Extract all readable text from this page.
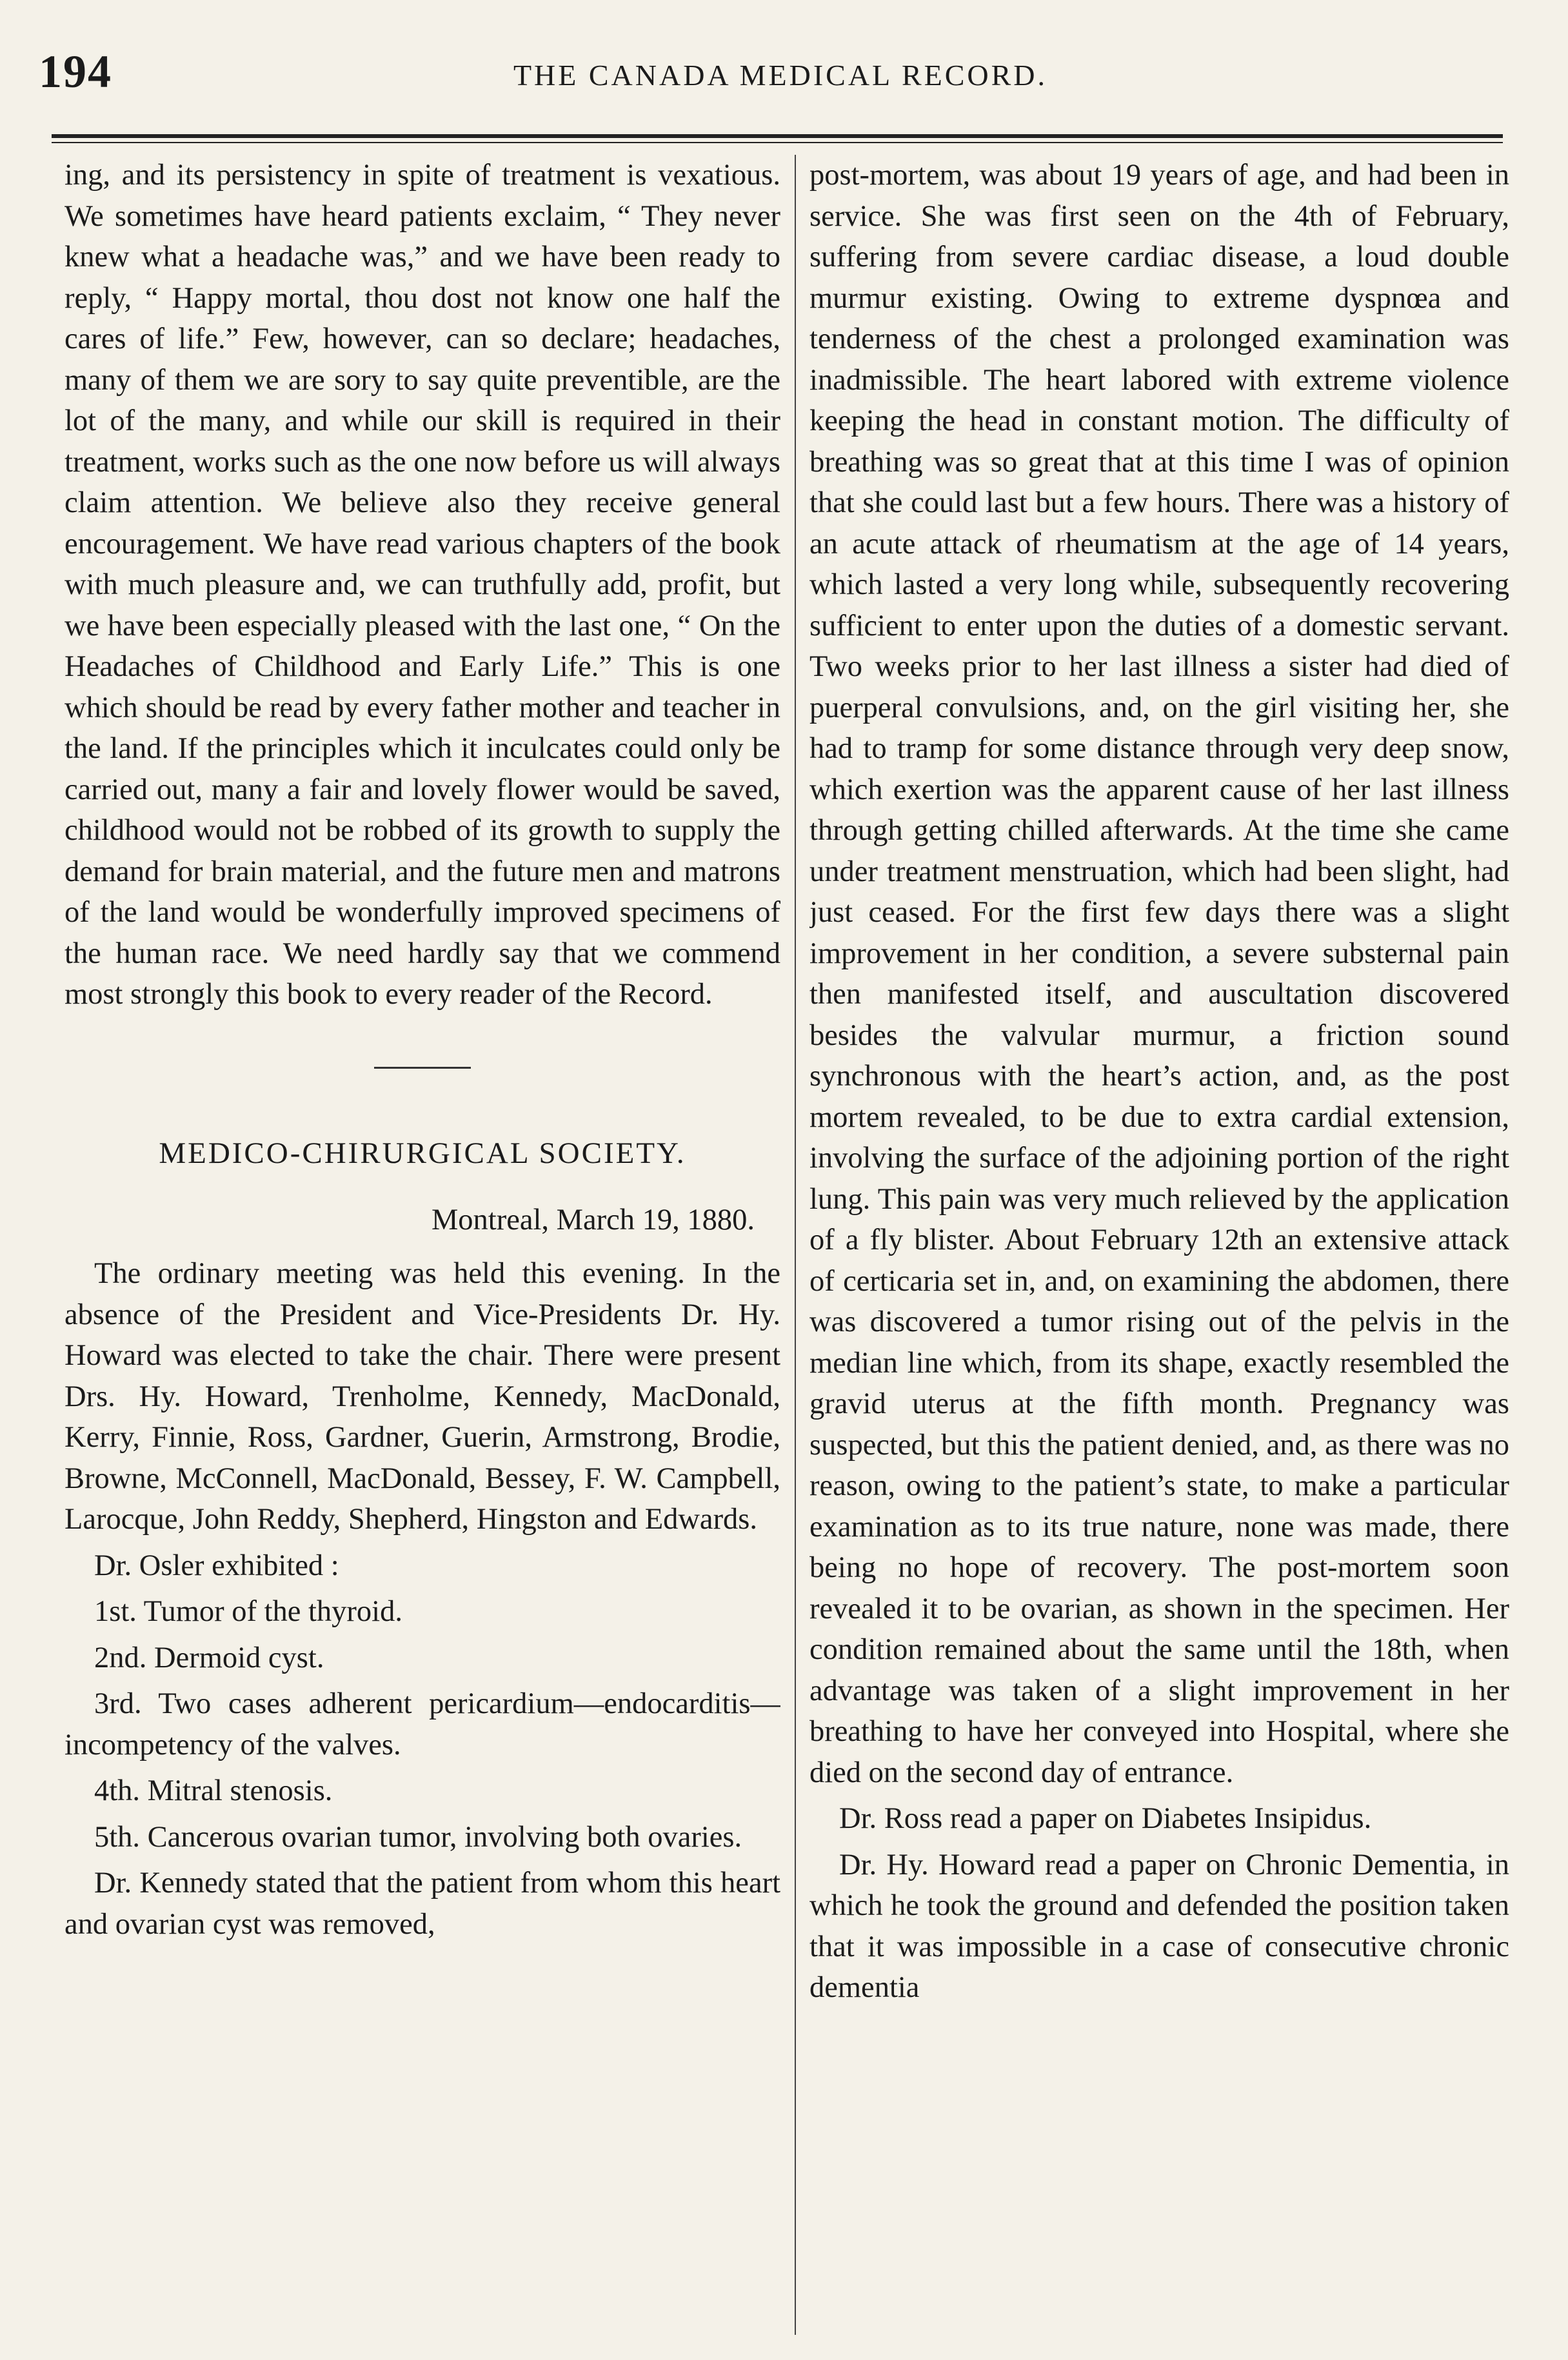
194	THE CANADA MEDICAL RECORD.

ing, and its persistency in spite of treatment is vexatious. We sometimes have heard patients exclaim, “ They never knew what a headache was,” and we have been ready to reply, “ Happy mortal, thou dost not know one half the cares of life.” Few, however, can so declare; headaches, many of them we are sory to say quite preventible, are the lot of the many, and while our skill is required in their treatment, works such as the one now before us will always claim attention. We believe also they receive general encouragement. We have read various chapters of the book with much pleasure and, we can truthfully add, profit, but we have been especially pleased with the last one, “ On the Headaches of Childhood and Early Life.” This is one which should be read by every father mother and teacher in the land. If the principles which it inculcates could only be carried out, many a fair and lovely flower would be saved, childhood would not be robbed of its growth to supply the demand for brain material, and the future men and matrons of the land would be wonderfully improved specimens of the human race. We need hardly say that we commend most strongly this book to every reader of the Record.

MEDICO-CHIRURGICAL SOCIETY.
Montreal, March 19, 1880.

The ordinary meeting was held this evening. In the absence of the President and Vice-Presidents Dr. Hy. Howard was elected to take the chair. There were present Drs. Hy. Howard, Trenholme, Kennedy, MacDonald, Kerry, Finnie, Ross, Gardner, Guerin, Armstrong, Brodie, Browne, McConnell, MacDonald, Bessey, F. W. Campbell, Larocque, John Reddy, Shepherd, Hingston and Edwards.

Dr. Osler exhibited :

1st. Tumor of the thyroid.

2nd. Dermoid cyst.

3rd. Two cases adherent pericardium—endocarditis—incompetency of the valves.

4th. Mitral stenosis.

5th. Cancerous ovarian tumor, involving both ovaries.

Dr. Kennedy stated that the patient from whom this heart and ovarian cyst was removed,

post-mortem, was about 19 years of age, and had been in service. She was first seen on the 4th of February, suffering from severe cardiac disease, a loud double murmur existing. Owing to extreme dyspnœa and tenderness of the chest a prolonged examination was inadmissible. The heart labored with extreme violence keeping the head in constant motion. The difficulty of breathing was so great that at this time I was of opinion that she could last but a few hours. There was a history of an acute attack of rheumatism at the age of 14 years, which lasted a very long while, subsequently recovering sufficient to enter upon the duties of a domestic servant. Two weeks prior to her last illness a sister had died of puerperal convulsions, and, on the girl visiting her, she had to tramp for some distance through very deep snow, which exertion was the apparent cause of her last illness through getting chilled afterwards. At the time she came under treatment menstruation, which had been slight, had just ceased. For the first few days there was a slight improvement in her condition, a severe substernal pain then manifested itself, and auscultation discovered besides the valvular murmur, a friction sound synchronous with the heart’s action, and, as the post mortem revealed, to be due to extra cardial extension, involving the surface of the adjoining portion of the right lung. This pain was very much relieved by the application of a fly blister. About February 12th an extensive attack of certicaria set in, and, on examining the abdomen, there was discovered a tumor rising out of the pelvis in the median line which, from its shape, exactly resembled the gravid uterus at the fifth month. Pregnancy was suspected, but this the patient denied, and, as there was no reason, owing to the patient’s state, to make a particular examination as to its true nature, none was made, there being no hope of recovery. The post-mortem soon revealed it to be ovarian, as shown in the specimen. Her condition remained about the same until the 18th, when advantage was taken of a slight improvement in her breathing to have her conveyed into Hospital, where she died on the second day of entrance.

Dr. Ross read a paper on Diabetes Insipidus.

Dr. Hy. Howard read a paper on Chronic Dementia, in which he took the ground and defended the position taken that it was impossible in a case of consecutive chronic dementia
